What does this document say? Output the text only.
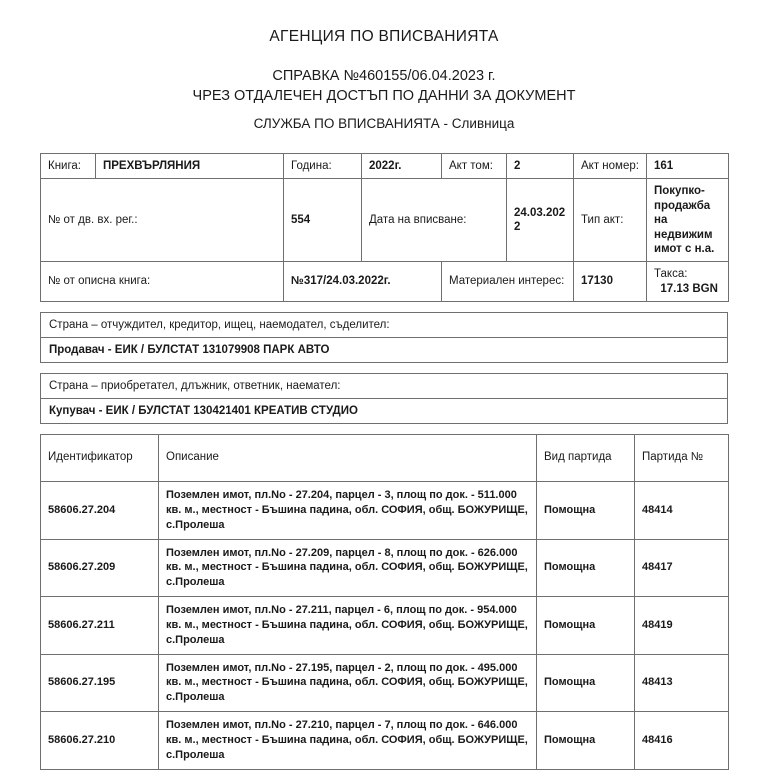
АГЕНЦИЯ ПО ВПИСВАНИЯТА
СПРАВКА №460155/06.04.2023 г.
ЧРЕЗ ОТДАЛЕЧЕН ДОСТЪП ПО ДАННИ ЗА ДОКУМЕНТ
СЛУЖБА ПО ВПИСВАНИЯТА - Сливница
Книга:	ПРЕХВЪРЛЯНИЯ	Година:	2022г.	Акт том:	2	Акт номер:	161
№ от дв. вх. рег.:		554	Дата на вписване:		24.03.2022	Тип акт:	Покупко-продажба на недвижим имот с н.а.
№ от описна книга:		№317/24.03.2022г.		Материален интерес:		17130	Такса:   17.13 BGN
Страна – отчуждител, кредитор, ищец, наемодател, съделител:
Продавач - ЕИК / БУЛСТАТ 131079908 ПАРК АВТО
Страна – приобретател, длъжник, ответник, наемател:
Купувач - ЕИК / БУЛСТАТ 130421401 КРЕАТИВ СТУДИО
Идентификатор	Описание	Вид партида	Партида №
58606.27.204	Поземлен имот, пл.No - 27.204, парцел - 3, площ по док. - 511.000 кв. м., местност - Бъшина падина, обл. СОФИЯ, общ. БОЖУРИЩЕ, с.Пролеша	Помощна	48414
58606.27.209	Поземлен имот, пл.No - 27.209, парцел - 8, площ по док. - 626.000 кв. м., местност - Бъшина падина, обл. СОФИЯ, общ. БОЖУРИЩЕ, с.Пролеша	Помощна	48417
58606.27.211	Поземлен имот, пл.No - 27.211, парцел - 6, площ по док. - 954.000 кв. м., местност - Бъшина падина, обл. СОФИЯ, общ. БОЖУРИЩЕ, с.Пролеша	Помощна	48419
58606.27.195	Поземлен имот, пл.No - 27.195, парцел - 2, площ по док. - 495.000 кв. м., местност - Бъшина падина, обл. СОФИЯ, общ. БОЖУРИЩЕ, с.Пролеша	Помощна	48413
58606.27.210	Поземлен имот, пл.No - 27.210, парцел - 7, площ по док. - 646.000 кв. м., местност - Бъшина падина, обл. СОФИЯ, общ. БОЖУРИЩЕ, с.Пролеша	Помощна	48416
